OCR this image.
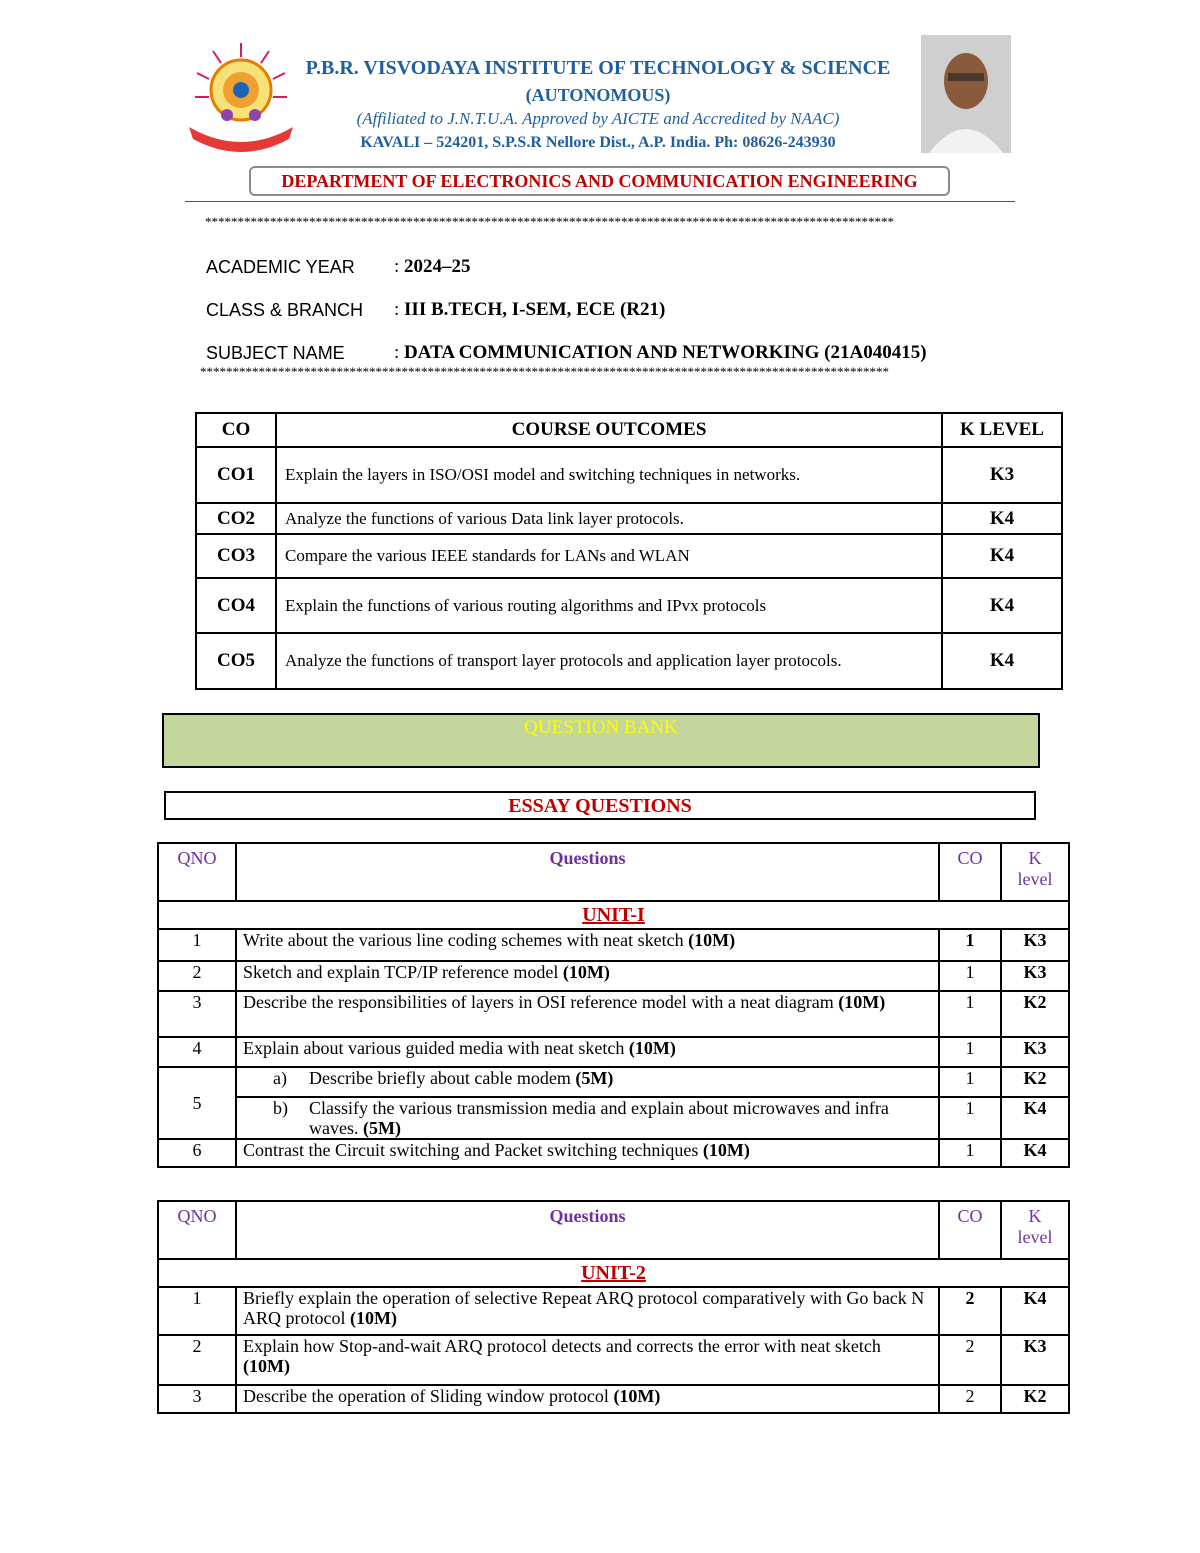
P.B.R. VISVODAYA INSTITUTE OF TECHNOLOGY & SCIENCE
(AUTONOMOUS)
(Affiliated to J.N.T.U.A. Approved by AICTE and Accredited by NAAC)
KAVALI – 524201, S.P.S.R Nellore Dist., A.P. India. Ph: 08626-243930
DEPARTMENT OF ELECTRONICS AND COMMUNICATION ENGINEERING
**********************************************************************************************************
ACADEMIC YEAR : 2024–25
CLASS & BRANCH : III B.TECH, I-SEM, ECE (R21)
SUBJECT NAME	: DATA COMMUNICATION AND NETWORKING (21A040415)
**********************************************************************************************************
CO	COURSE OUTCOMES	K LEVEL
CO1	Explain the layers in ISO/OSI model and switching techniques in networks.	K3
CO2	Analyze the functions of various Data link layer protocols.	K4
CO3	Compare the various IEEE standards for LANs and WLAN	K4
CO4	Explain the functions of various routing algorithms and IPvx protocols	K4
CO5	Analyze the functions of transport layer protocols and application layer protocols.	K4
QUESTION BANK
ESSAY QUESTIONS
QNO	Questions	CO	K
level
UNIT-I			
1	Write about the various line coding schemes with neat sketch (10M)	1	K3
2	Sketch and explain TCP/IP reference model (10M)	1	K3
3	Describe the responsibilities of layers in OSI reference model with a neat diagram (10M)	1	K2
4	Explain about various guided media with neat sketch (10M)	1	K3
5	a) Describe briefly about cable modem (5M)	1	K2

	b) Classify the various transmission media and explain about microwaves and infra waves. (5M)	1	K4
6	Contrast the Circuit switching and Packet switching techniques (10M)	1	K4
QNO	Questions	CO	K
level
UNIT-2			
1	Briefly explain the operation of selective Repeat ARQ protocol comparatively with Go back N ARQ protocol (10M)	2	K4
2	Explain how Stop-and-wait ARQ protocol detects and corrects the error with neat sketch (10M)	2	K3
3	Describe the operation of Sliding window protocol (10M)	2	K2
